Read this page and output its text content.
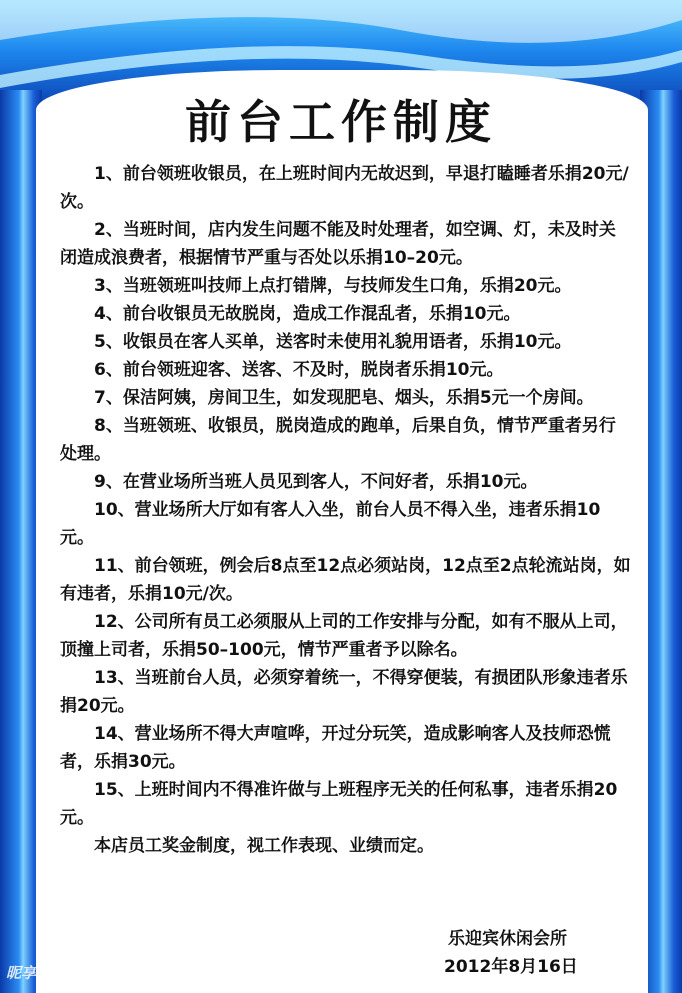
前台工作制度

1、前台领班收银员，在上班时间内无故迟到，早退打瞌睡者乐捐20元/次。

2、当班时间，店内发生问题不能及时处理者，如空调、灯，未及时关闭造成浪费者，根据情节严重与否处以乐捐10–20元。

3、当班领班叫技师上点打错牌，与技师发生口角，乐捐20元。

4、前台收银员无故脱岗，造成工作混乱者，乐捐10元。

5、收银员在客人买单，送客时未使用礼貌用语者，乐捐10元。

6、前台领班迎客、送客、不及时，脱岗者乐捐10元。

7、保洁阿姨，房间卫生，如发现肥皂、烟头，乐捐5元一个房间。

8、当班领班、收银员，脱岗造成的跑单，后果自负，情节严重者另行处理。

9、在营业场所当班人员见到客人，不问好者，乐捐10元。

10、营业场所大厅如有客人入坐，前台人员不得入坐，违者乐捐10元。

11、前台领班，例会后8点至12点必须站岗，12点至2点轮流站岗，如有违者，乐捐10元/次。

12、公司所有员工必须服从上司的工作安排与分配，如有不服从上司，顶撞上司者，乐捐50–100元，情节严重者予以除名。

13、当班前台人员，必须穿着统一，不得穿便装，有损团队形象违者乐捐20元。

14、营业场所不得大声喧哗，开过分玩笑，造成影响客人及技师恐慌者，乐捐30元。

15、上班时间内不得准许做与上班程序无关的任何私事，违者乐捐20元。

本店员工奖金制度，视工作表现、业绩而定。

乐迎宾休闲会所
2012年8月16日
昵享网 www.nipic.com
ID:9856659 NO:20120820093748216155
